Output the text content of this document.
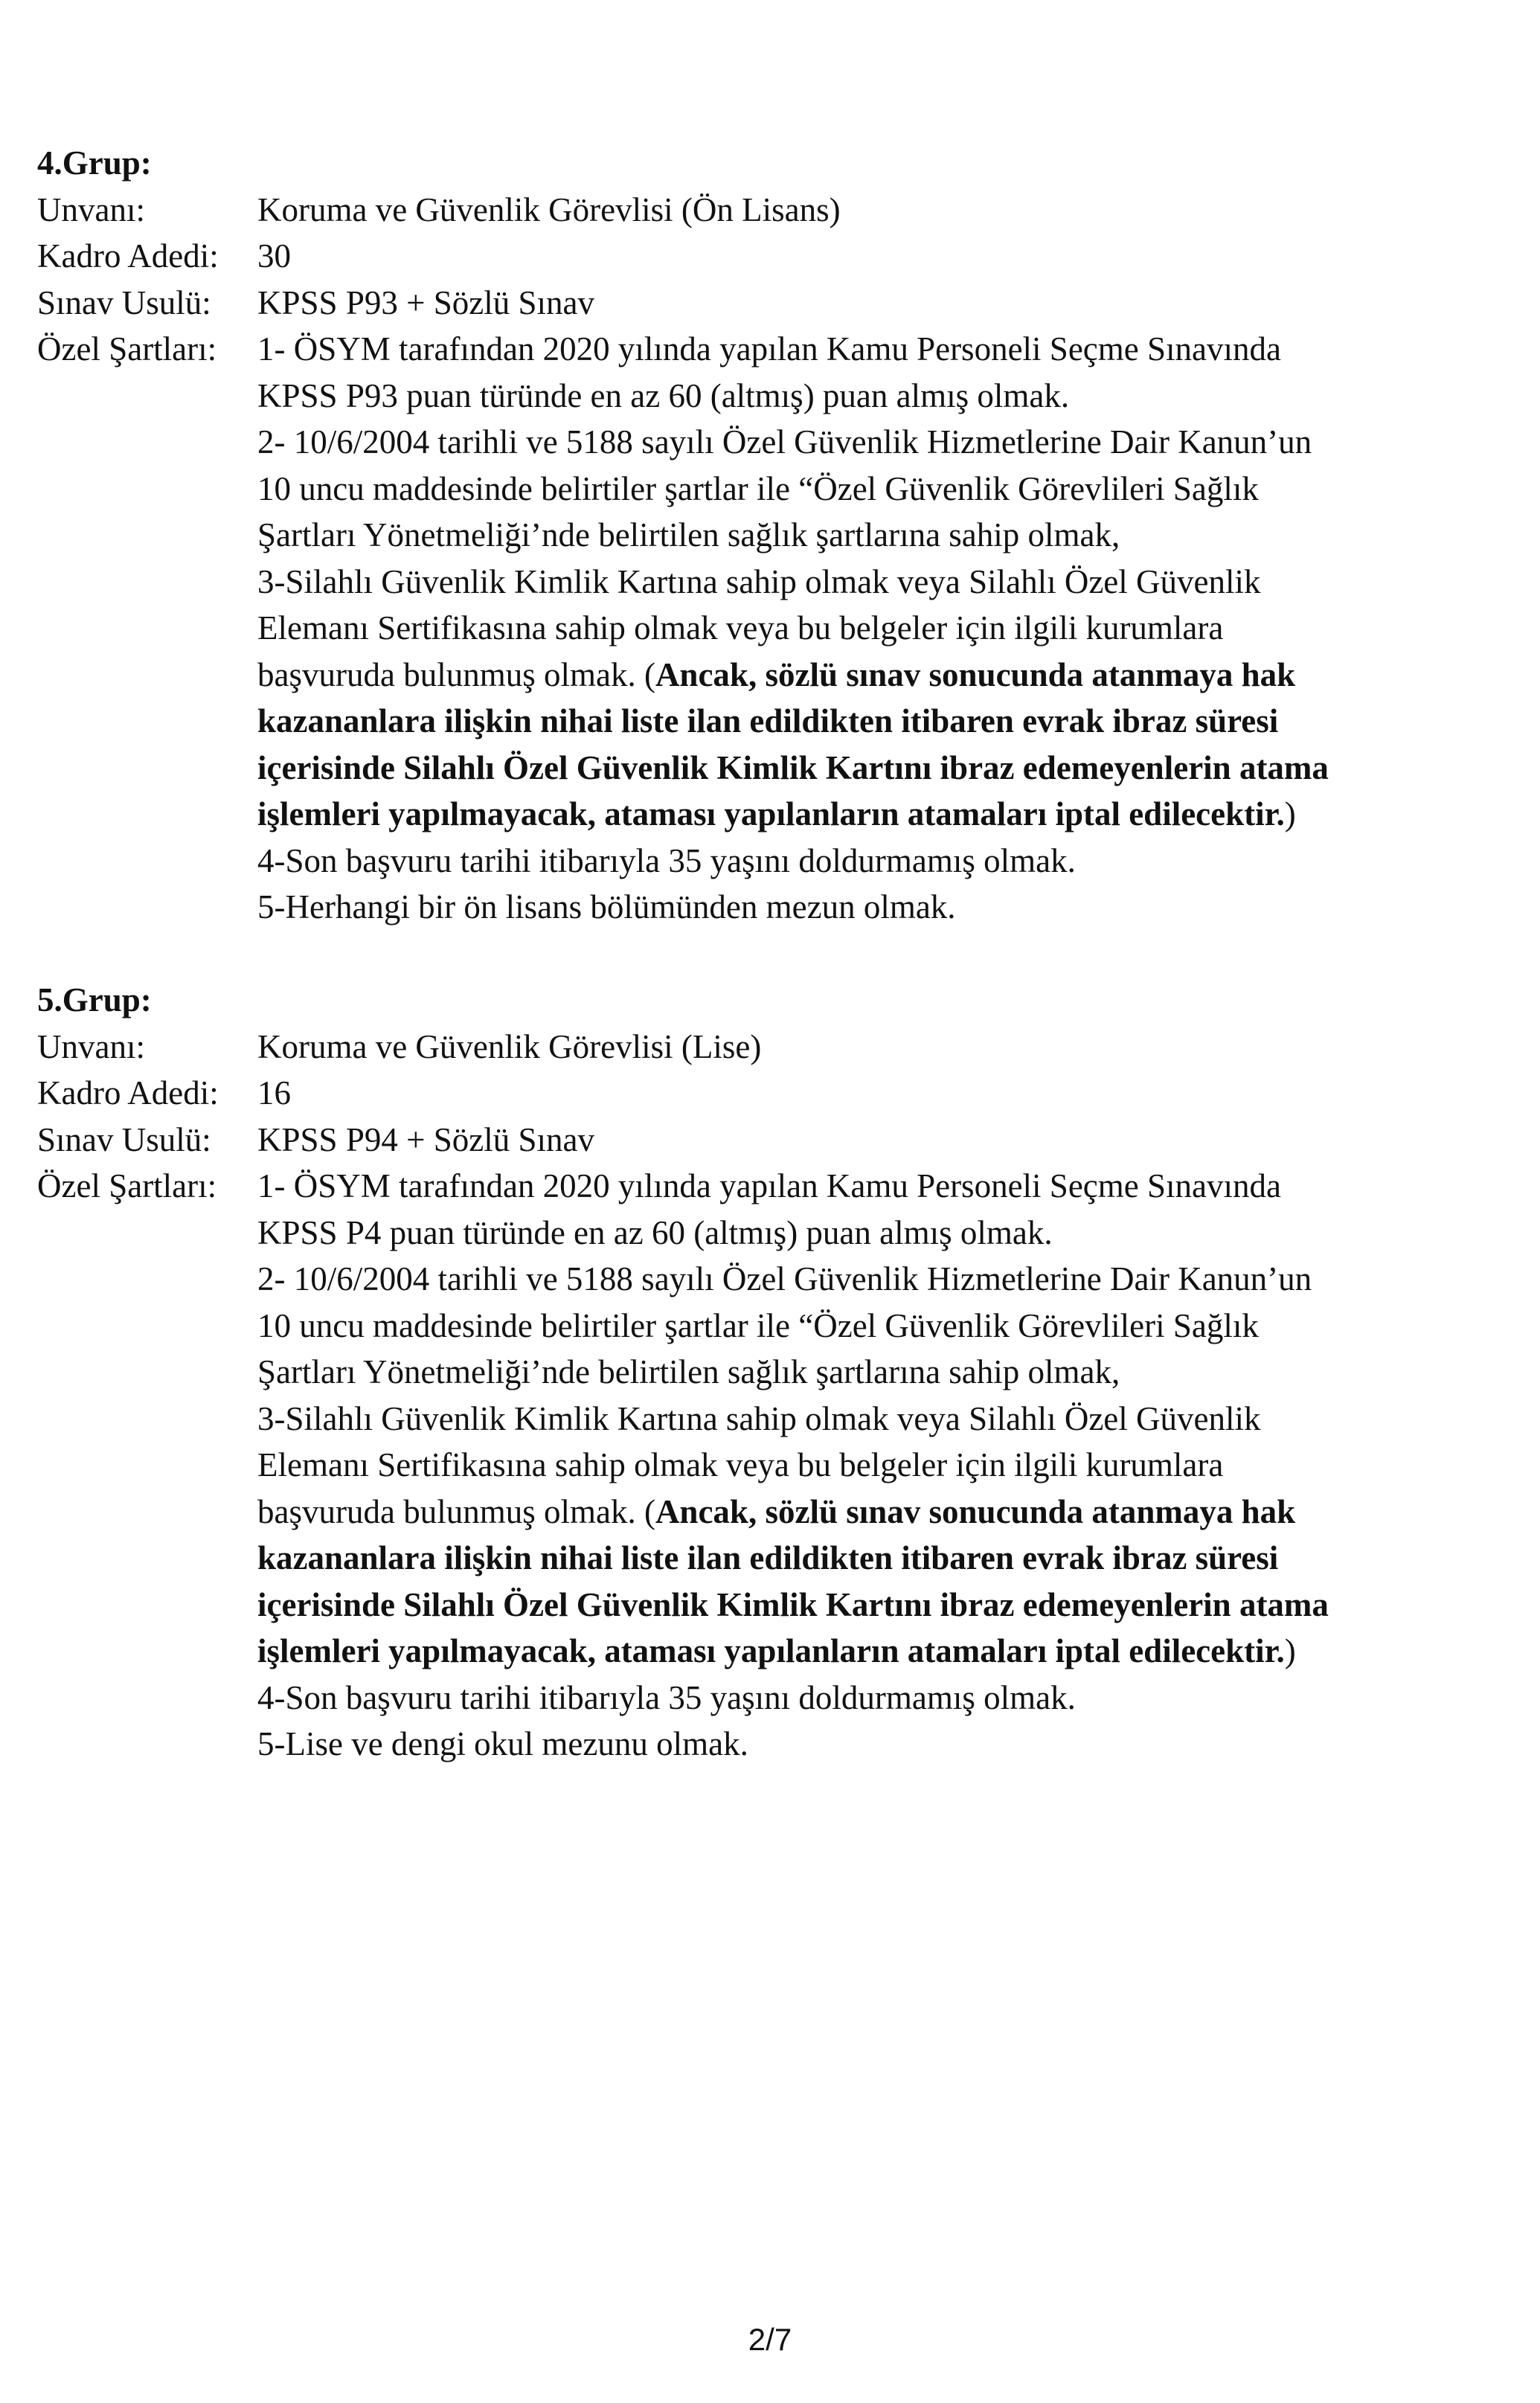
4.Grup:
Unvanı:	Koruma ve Güvenlik Görevlisi (Ön Lisans)
Kadro Adedi:	30
Sınav Usulü:	KPSS P93 + Sözlü Sınav
Özel Şartları:	1- ÖSYM tarafından 2020 yılında yapılan Kamu Personeli Seçme Sınavında
KPSS P93 puan türünde en az 60 (altmış) puan almış olmak.
2- 10/6/2004 tarihli ve 5188 sayılı Özel Güvenlik Hizmetlerine Dair Kanun’un
10 uncu maddesinde belirtiler şartlar ile “Özel Güvenlik Görevlileri Sağlık
Şartları Yönetmeliği’nde belirtilen sağlık şartlarına sahip olmak,
3-Silahlı Güvenlik Kimlik Kartına sahip olmak veya Silahlı Özel Güvenlik
Elemanı Sertifikasına sahip olmak veya bu belgeler için ilgili kurumlara
başvuruda bulunmuş olmak. (Ancak, sözlü sınav sonucunda atanmaya hak
kazananlara ilişkin nihai liste ilan edildikten itibaren evrak ibraz süresi
içerisinde Silahlı Özel Güvenlik Kimlik Kartını ibraz edemeyenlerin atama
işlemleri yapılmayacak, ataması yapılanların atamaları iptal edilecektir.)
4-Son başvuru tarihi itibarıyla 35 yaşını doldurmamış olmak.
5-Herhangi bir ön lisans bölümünden mezun olmak.
5.Grup:
Unvanı:	Koruma ve Güvenlik Görevlisi (Lise)
Kadro Adedi:	16
Sınav Usulü:	KPSS P94 + Sözlü Sınav
Özel Şartları:	1- ÖSYM tarafından 2020 yılında yapılan Kamu Personeli Seçme Sınavında
KPSS P4 puan türünde en az 60 (altmış) puan almış olmak.
2- 10/6/2004 tarihli ve 5188 sayılı Özel Güvenlik Hizmetlerine Dair Kanun’un
10 uncu maddesinde belirtiler şartlar ile “Özel Güvenlik Görevlileri Sağlık
Şartları Yönetmeliği’nde belirtilen sağlık şartlarına sahip olmak,
3-Silahlı Güvenlik Kimlik Kartına sahip olmak veya Silahlı Özel Güvenlik
Elemanı Sertifikasına sahip olmak veya bu belgeler için ilgili kurumlara
başvuruda bulunmuş olmak. (Ancak, sözlü sınav sonucunda atanmaya hak
kazananlara ilişkin nihai liste ilan edildikten itibaren evrak ibraz süresi
içerisinde Silahlı Özel Güvenlik Kimlik Kartını ibraz edemeyenlerin atama
işlemleri yapılmayacak, ataması yapılanların atamaları iptal edilecektir.)
4-Son başvuru tarihi itibarıyla 35 yaşını doldurmamış olmak.
5-Lise ve dengi okul mezunu olmak.
2/7
